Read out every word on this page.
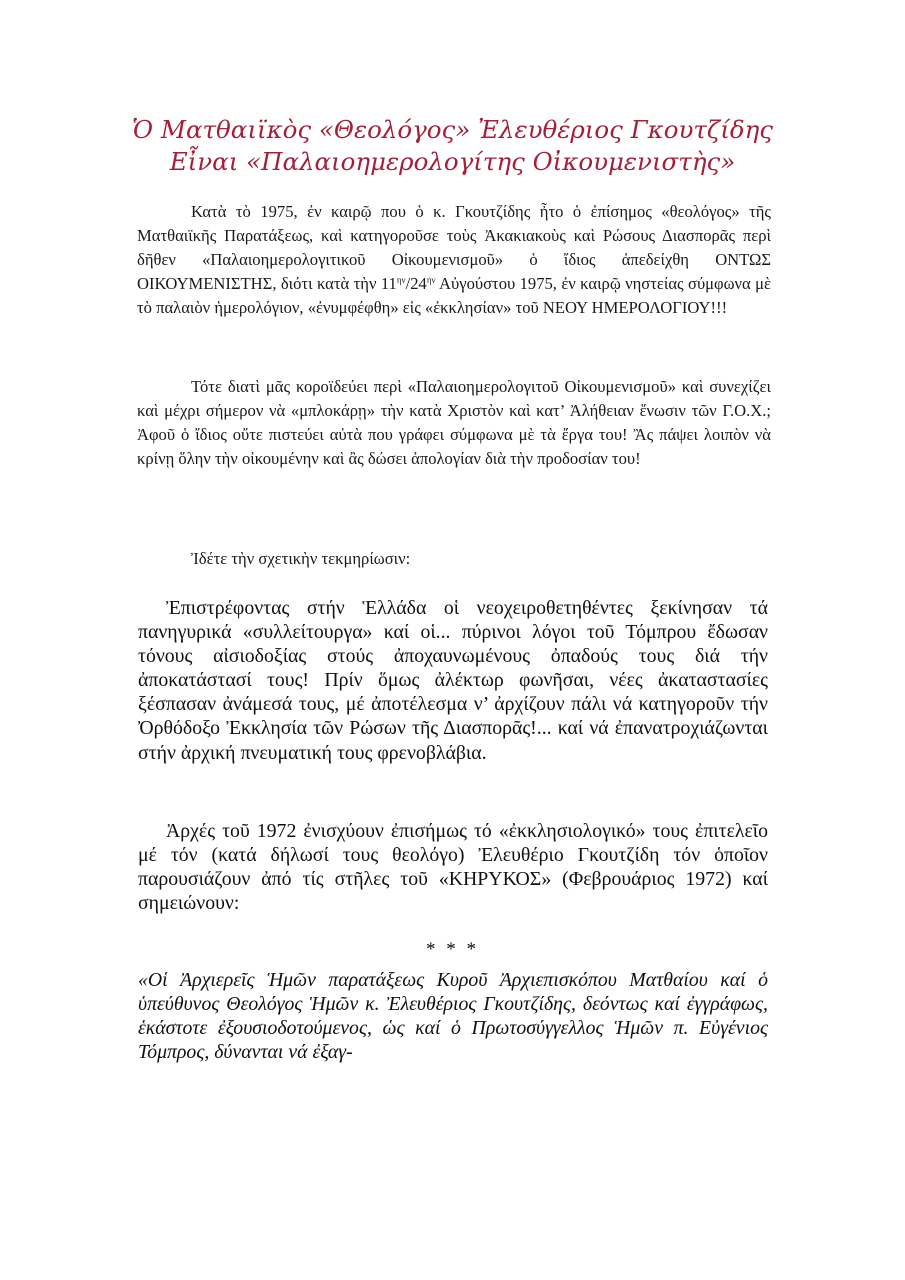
Ὁ Ματθαιϊκὸς «Θεολόγος» Ἐλευθέριος Γκουτζίδης
Εἶναι «Παλαιοημερολογίτης Οἰκουμενιστὴς»

Κατὰ τὸ 1975, ἐν καιρῷ που ὁ κ. Γκουτζίδης ἦτο ὁ ἐπίσημος «θεολόγος» τῆς Ματθαιϊκῆς Παρατάξεως, καὶ κατηγοροῦσε τοὺς Ἀκακιακοὺς καὶ Ρώσους Διασπορᾶς περὶ δῆθεν «Παλαιοημερολογιτικοῦ Οἰκουμενισμοῦ» ὁ ἴδιος ἀπεδείχθη ΟΝΤΩΣ ΟΙΚΟΥΜΕΝΙΣΤΗΣ, διότι κατὰ τὴν $11^{\eta\nu}/24^{\eta\nu}$ Αὐγούστου 1975, ἐν καιρῷ νηστείας σύμφωνα μὲ τὸ παλαιὸν ἡμερολόγιον, «ἐνυμφέφθη» εἰς «ἐκκλησίαν» τοῦ ΝΕΟΥ ΗΜΕΡΟΛΟΓΙΟΥ!!!

Τότε διατὶ μᾶς κοροϊδεύει περὶ «Παλαιοημερολογιτοῦ Οἰκουμενισμοῦ» καὶ συνεχίζει καὶ μέχρι σήμερον νὰ «μπλοκάρῃ» τὴν κατὰ Χριστὸν καὶ κατ’ Ἀλήθειαν ἕνωσιν τῶν Γ.Ο.Χ.; Ἀφοῦ ὁ ἴδιος οὔτε πιστεύει αὐτὰ που γράφει σύμφωνα μὲ τὰ ἔργα του! Ἂς πάψει λοιπὸν νὰ κρίνῃ ὅλην τὴν οἰκουμένην καὶ ἂς δώσει ἀπολογίαν διὰ τὴν προδοσίαν του!

Ἰδέτε τὴν σχετικὴν τεκμηρίωσιν:

Ἐπιστρέφοντας στήν Ἑλλάδα οἱ νεοχειροθετηθέντες ξεκίνησαν τά πανηγυρικά «συλλείτουργα» καί οἱ... πύρινοι λόγοι τοῦ Τόμπρου ἔδωσαν τόνους αἰσιοδοξίας στούς ἀποχαυνωμένους ὀπαδούς τους διά τήν ἀποκατάστασί τους! Πρίν ὅμως ἀλέκτωρ φωνῆσαι, νέες ἀκαταστασίες ξέσπασαν ἀνάμεσά τους, μέ ἀποτέλεσμα ν’ ἀρχίζουν πάλι νά κατηγοροῦν τήν Ὀρθόδοξο Ἐκκλησία τῶν Ρώσων τῆς Διασπορᾶς!... καί νά ἐπανατροχιάζωνται στήν ἀρχική πνευματική τους φρενοβλάβια.

Ἀρχές τοῦ 1972 ἐνισχύουν ἐπισήμως τό «ἐκκλησιολογικό» τους ἐπιτελεῖο μέ τόν (κατά δήλωσί τους θεολόγο) Ἐλευθέριο Γκουτζίδη τόν ὁποῖον παρουσιάζουν ἀπό τίς στῆλες τοῦ «ΚΗΡΥΚΟΣ» (Φεβρουάριος 1972) καί σημειώνουν:

* * *

«Οἱ Ἀρχιερεῖς Ἡμῶν παρατάξεως Κυροῦ Ἀρχιεπισκόπου Ματθαίου καί ὁ ὑπεύθυνος Θεολόγος Ἡμῶν κ. Ἐλευθέριος Γκουτζίδης, δεόντως καί ἐγγράφως, ἑκάστοτε ἐξουσιοδοτούμενος, ὡς καί ὁ Πρωτοσύγγελλος Ἡμῶν π. Εὐγένιος Τόμπρος, δύνανται νά ἐξαγ-
